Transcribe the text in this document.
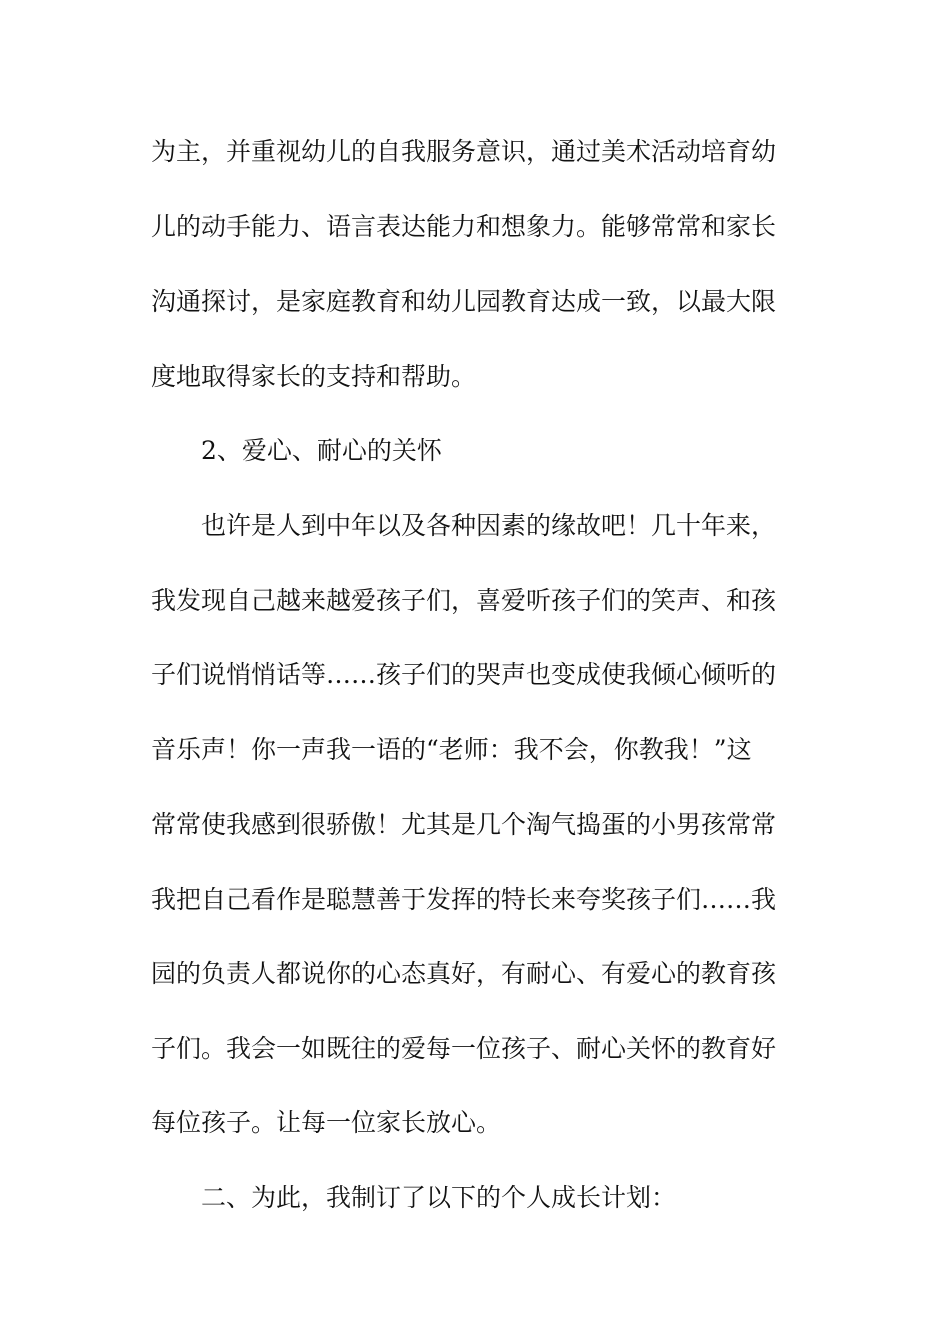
为主，并重视幼儿的自我服务意识，通过美术活动培育幼
儿的动手能力、语言表达能力和想象力。能够常常和家长
沟通探讨，是家庭教育和幼儿园教育达成一致，以最大限
度地取得家长的支持和帮助。
2、爱心、耐心的关怀
也许是人到中年以及各种因素的缘故吧！几十年来，
我发现自己越来越爱孩子们，喜爱听孩子们的笑声、和孩
子们说悄悄话等……孩子们的哭声也变成使我倾心倾听的
音乐声！你一声我一语的“老师：我不会，你教我！”这
常常使我感到很骄傲！尤其是几个淘气捣蛋的小男孩常常
我把自己看作是聪慧善于发挥的特长来夸奖孩子们……我
园的负责人都说你的心态真好，有耐心、有爱心的教育孩
子们。我会一如既往的爱每一位孩子、耐心关怀的教育好
每位孩子。让每一位家长放心。
二、为此，我制订了以下的个人成长计划：
